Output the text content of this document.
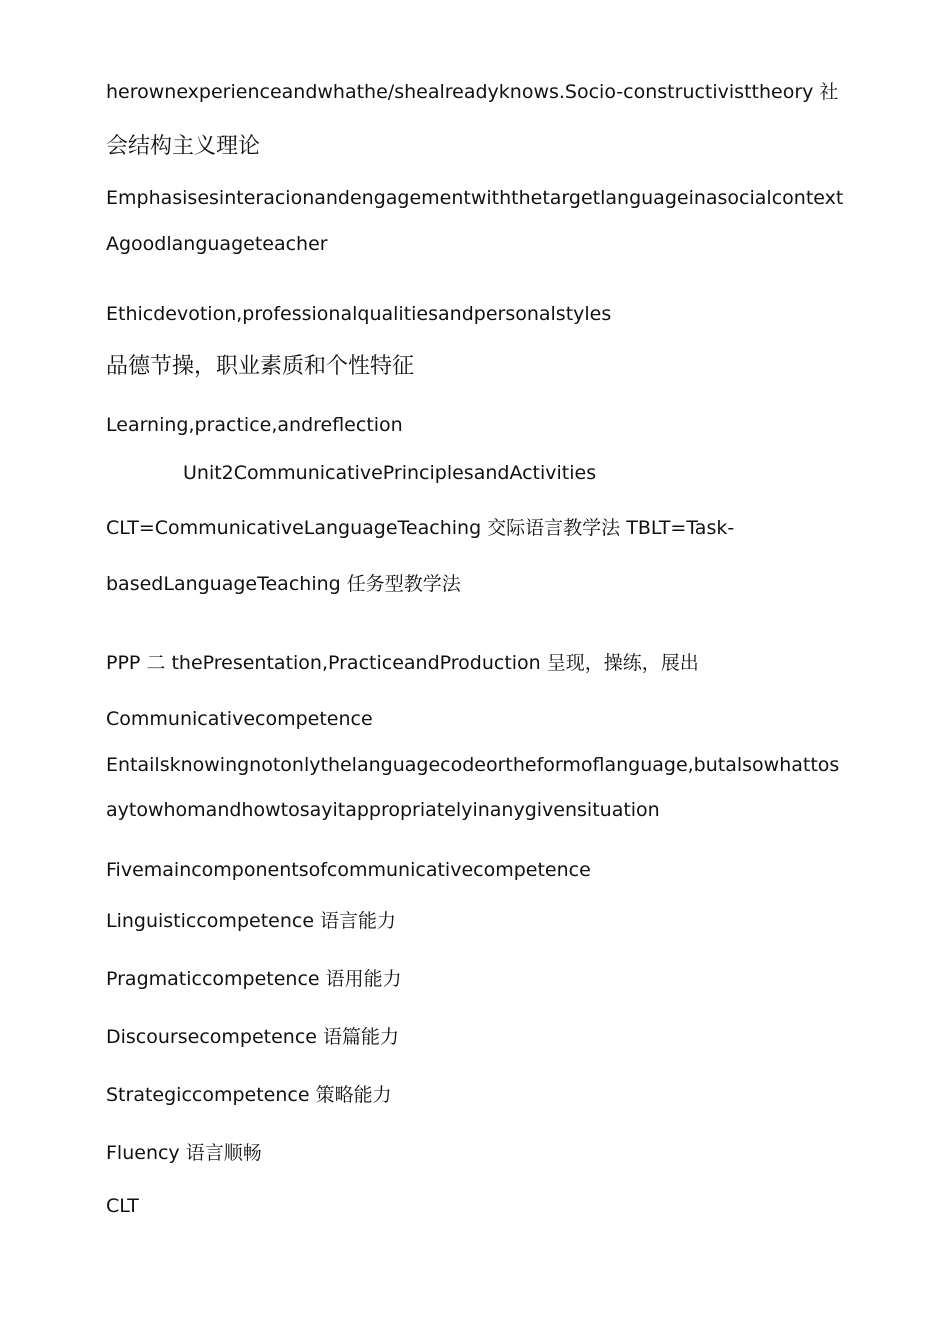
herownexperienceandwhathe/shealreadyknows.Socio-constructivisttheory 社
会结构主义理论
Emphasisesinteracionandengagementwiththetargetlanguageinasocialcontext
Agoodlanguageteacher
Ethicdevotion,professionalqualitiesandpersonalstyles
品德节操，职业素质和个性特征
Learning,practice,andreflection
Unit2CommunicativePrinciplesandActivities
CLT=CommunicativeLanguageTeaching 交际语言教学法 TBLT=Task-
basedLanguageTeaching 任务型教学法
PPP 二 thePresentation,PracticeandProduction 呈现，操练，展出
Communicativecompetence
Entailsknowingnotonlythelanguagecodeortheformoflanguage,butalsowhattos
aytowhomandhowtosayitappropriatelyinanygivensituation
Fivemaincomponentsofcommunicativecompetence
Linguisticcompetence 语言能力
Pragmaticcompetence 语用能力
Discoursecompetence 语篇能力
Strategiccompetence 策略能力
Fluency 语言顺畅
CLT
